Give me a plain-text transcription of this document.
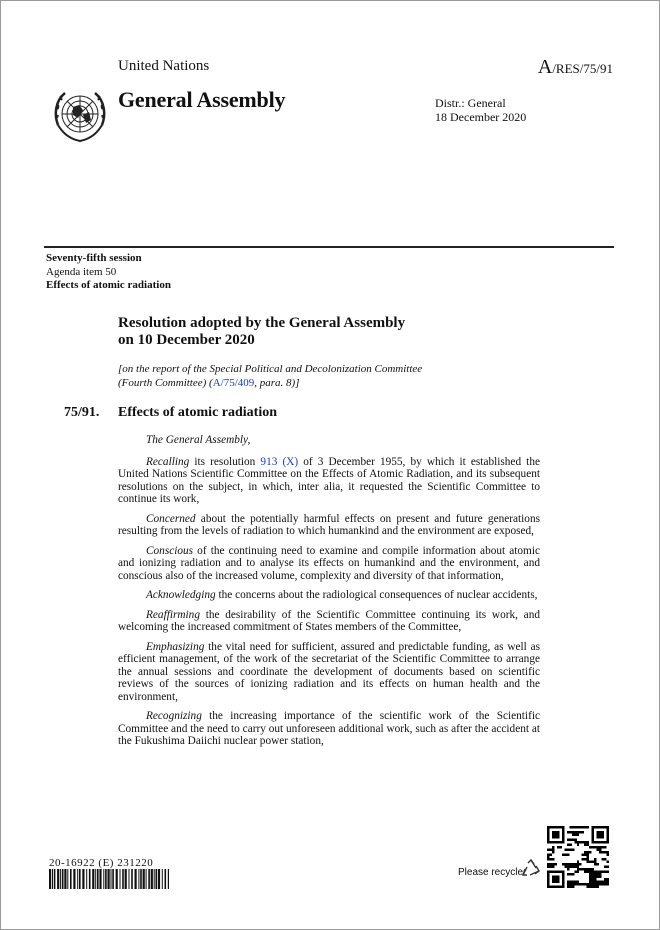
United Nations	A/RES/75/91
General Assembly	Distr.: General
18 December 2020
Seventy-fifth session
Agenda item 50
Effects of atomic radiation
Resolution adopted by the General Assembly
on 10 December 2020
[on the report of the Special Political and Decolonization Committee
(Fourth Committee) (A/75/409, para. 8)]
75/91. Effects of atomic radiation

The General Assembly,

Recalling its resolution 913 (X) of 3 December 1955, by which it established the United Nations Scientific Committee on the Effects of Atomic Radiation, and its subsequent resolutions on the subject, in which, inter alia, it requested the Scientific Committee to continue its work,

Concerned about the potentially harmful effects on present and future generations resulting from the levels of radiation to which humankind and the environment are exposed,

Conscious of the continuing need to examine and compile information about atomic and ionizing radiation and to analyse its effects on humankind and the environment, and conscious also of the increased volume, complexity and diversity of that information,

Acknowledging the concerns about the radiological consequences of nuclear accidents,

Reaffirming the desirability of the Scientific Committee continuing its work, and welcoming the increased commitment of States members of the Committee,

Emphasizing the vital need for sufficient, assured and predictable funding, as well as efficient management, of the work of the secretariat of the Scientific Committee to arrange the annual sessions and coordinate the development of documents based on scientific reviews of the sources of ionizing radiation and its effects on human health and the environment,

Recognizing the increasing importance of the scientific work of the Scientific Committee and the need to carry out unforeseen additional work, such as after the accident at the Fukushima Daiichi nuclear power station,

20-16922 (E) 231220
Please recycle
